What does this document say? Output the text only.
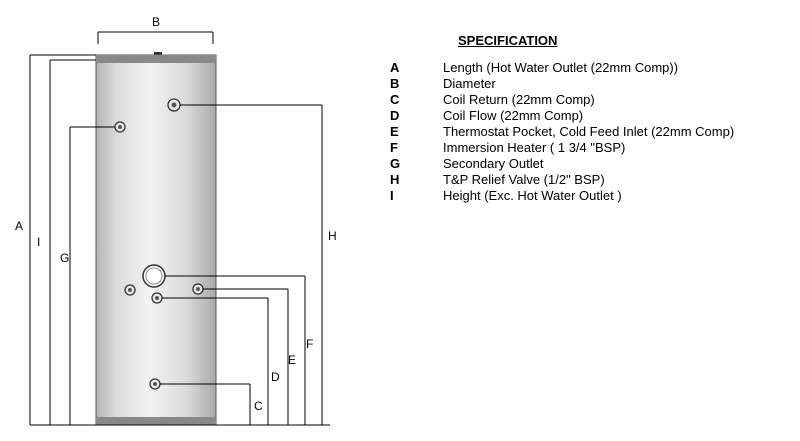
B
A
I
G
H
F
E
D
C
SPECIFICATION
A	Length (Hot Water Outlet (22mm Comp))
B	Diameter
C	Coil Return (22mm Comp)
D	Coil Flow (22mm Comp)
E	Thermostat Pocket, Cold Feed Inlet (22mm Comp)
F	Immersion Heater ( 1 3/4 "BSP)
G	Secondary Outlet
H	T&P Relief Valve (1/2" BSP)
I	Height (Exc. Hot Water Outlet )
